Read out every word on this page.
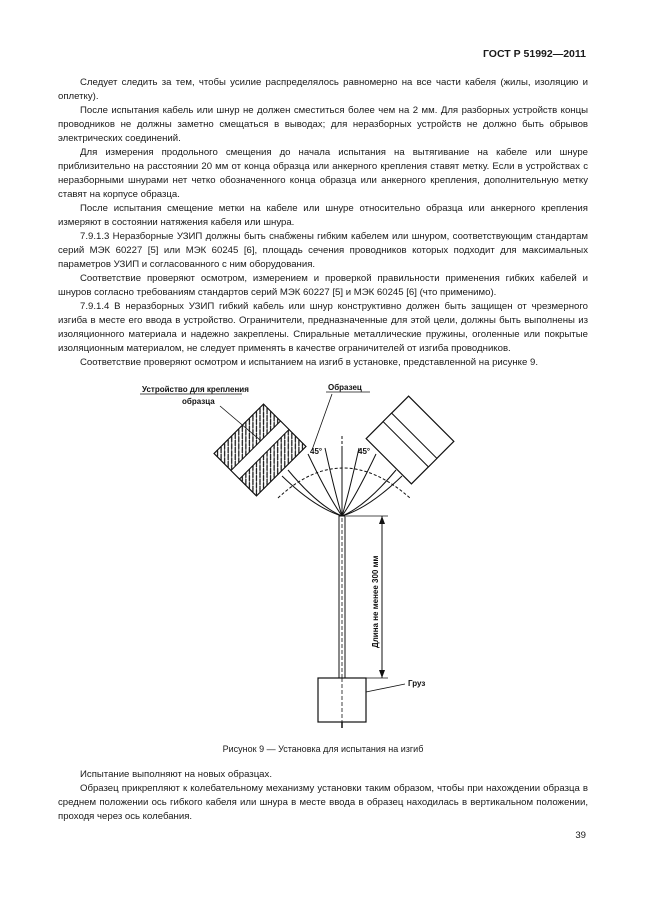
ГОСТ Р 51992—2011

Следует следить за тем, чтобы усилие распределялось равномерно на все части кабеля (жилы, изоляцию и оплетку).

После испытания кабель или шнур не должен сместиться более чем на 2 мм. Для разборных устройств концы проводников не должны заметно смещаться в выводах; для неразборных устройств не должно быть обрывов электрических соединений.

Для измерения продольного смещения до начала испытания на вытягивание на кабеле или шнуре приблизительно на расстоянии 20 мм от конца образца или анкерного крепления ставят метку. Если в устройствах с неразборными шнурами нет четко обозначенного конца образца или анкерного крепления, дополнительную метку ставят на корпусе образца.

После испытания смещение метки на кабеле или шнуре относительно образца или анкерного крепления измеряют в состоянии натяжения кабеля или шнура.

7.9.1.3 Неразборные УЗИП должны быть снабжены гибким кабелем или шнуром, соответствующим стандартам серий МЭК 60227 [5] или МЭК 60245 [6], площадь сечения проводников которых подходит для максимальных параметров УЗИП и согласованного с ним оборудования.

Соответствие проверяют осмотром, измерением и проверкой правильности применения гибких кабелей и шнуров согласно требованиям стандартов серий МЭК 60227 [5] и МЭК 60245 [6] (что применимо).

7.9.1.4 В неразборных УЗИП гибкий кабель или шнур конструктивно должен быть защищен от чрезмерного изгиба в месте его ввода в устройство. Ограничители, предназначенные для этой цели, должны быть выполнены из изоляционного материала и надежно закреплены. Спиральные металлические пружины, оголенные или покрытые изоляционным материалом, не следует применять в качестве ограничителей от изгиба проводников.

Соответствие проверяют осмотром и испытанием на изгиб в установке, представленной на рисунке 9.

Длина не менее 300 мм
Груз
Устройство для крепления
образца
Образец
45°	45°
Рисунок 9 — Установка для испытания на изгиб

Испытание выполняют на новых образцах.

Образец прикрепляют к колебательному механизму установки таким образом, чтобы при нахождении образца в среднем положении ось гибкого кабеля или шнура в месте ввода в образец находилась в вертикальном положении, проходя через ось колебания.

39
